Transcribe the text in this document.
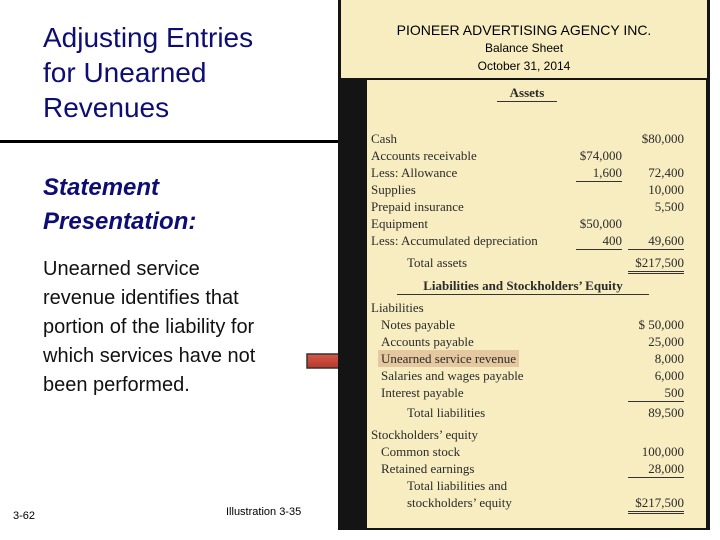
Adjusting Entries
for Unearned
Revenues
Statement
Presentation:
Unearned service
revenue identifies that
portion of the liability for
which services have not
been performed.
PIONEER ADVERTISING AGENCY INC.
Balance Sheet
October 31, 2014
Assets
Cash	$80,000
Accounts receivable	$74,000
Less: Allowance	1,600 72,400
Supplies	10,000
Prepaid insurance	5,500
Equipment	$50,000
Less: Accumulated depreciation	400	49,600
Total assets	$217,500
Liabilities and Stockholders’ Equity
Liabilities
Notes payable	$ 50,000
Accounts payable	25,000
Unearned service revenue	8,000
Salaries and wages payable	6,000
Interest payable	500
Total liabilities	89,500
Stockholders’ equity
Common stock	100,000
Retained earnings	28,000
Total liabilities and
stockholders’ equity	$217,500
3-62	Illustration 3-35
